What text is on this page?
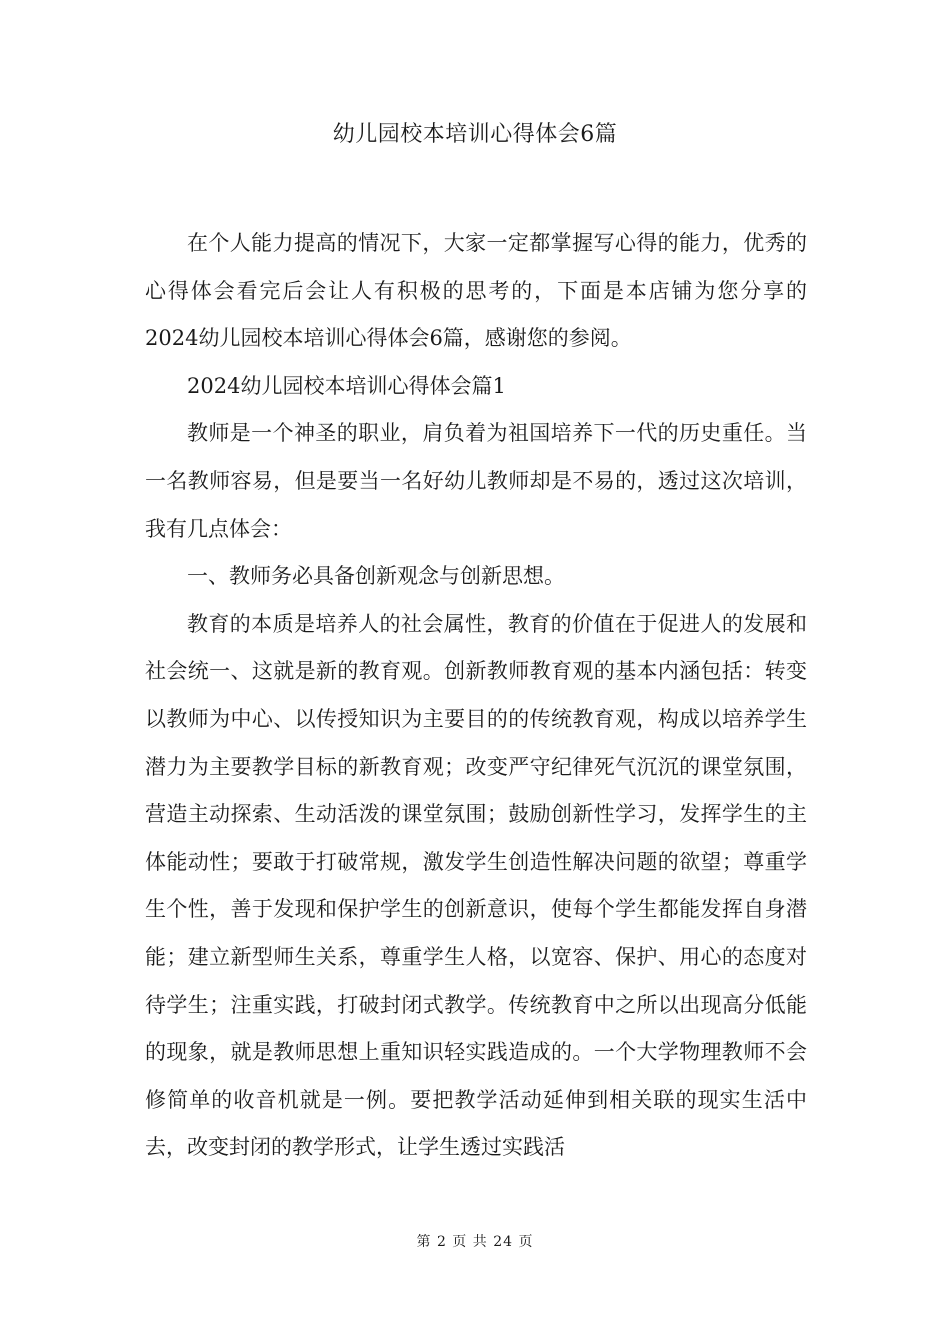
幼儿园校本培训心得体会6篇

在个人能力提高的情况下，大家一定都掌握写心得的能力，优秀的心得体会看完后会让人有积极的思考的，下面是本店铺为您分享的2024幼儿园校本培训心得体会6篇，感谢您的参阅。

2024幼儿园校本培训心得体会篇1

教师是一个神圣的职业，肩负着为祖国培养下一代的历史重任。当一名教师容易，但是要当一名好幼儿教师却是不易的，透过这次培训，我有几点体会：

一、教师务必具备创新观念与创新思想。

教育的本质是培养人的社会属性，教育的价值在于促进人的发展和社会统一、这就是新的教育观。创新教师教育观的基本内涵包括：转变以教师为中心、以传授知识为主要目的的传统教育观，构成以培养学生潜力为主要教学目标的新教育观；改变严守纪律死气沉沉的课堂氛围，营造主动探索、生动活泼的课堂氛围；鼓励创新性学习，发挥学生的主体能动性；要敢于打破常规，激发学生创造性解决问题的欲望；尊重学生个性，善于发现和保护学生的创新意识，使每个学生都能发挥自身潜能；建立新型师生关系，尊重学生人格，以宽容、保护、用心的态度对待学生；注重实践，打破封闭式教学。传统教育中之所以出现高分低能的现象，就是教师思想上重知识轻实践造成的。一个大学物理教师不会修简单的收音机就是一例。要把教学活动延伸到相关联的现实生活中去，改变封闭的教学形式，让学生透过实践活

第 2 页 共 24 页
